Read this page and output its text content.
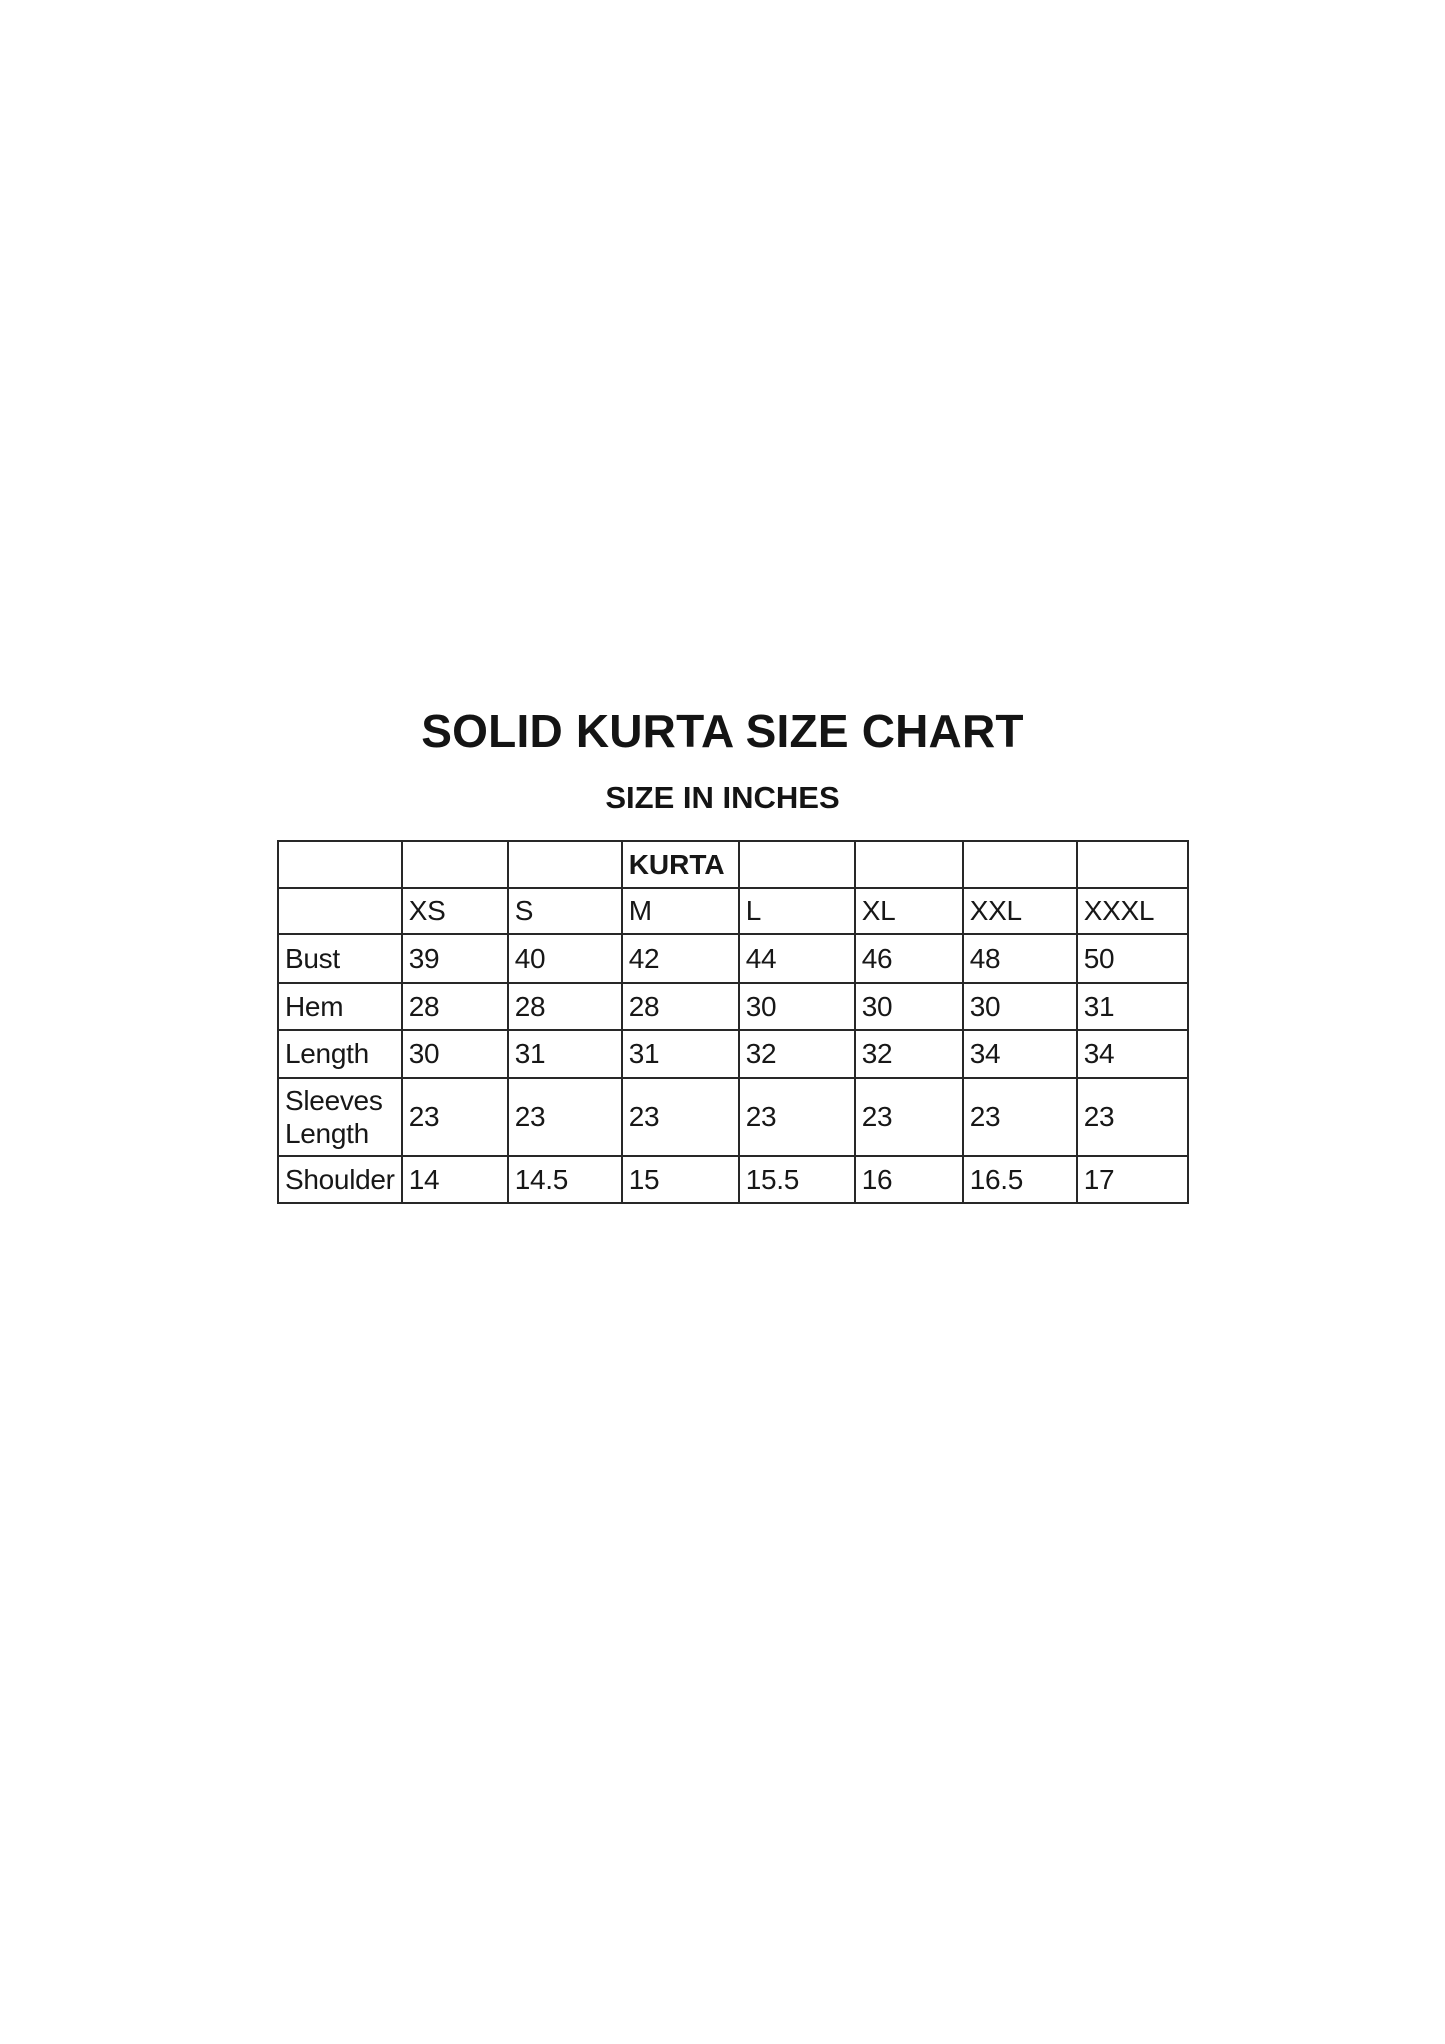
SOLID KURTA SIZE CHART
SIZE IN INCHES
			KURTA				
	XS	S	M	L	XL	XXL	XXXL
Bust	39	40	42	44	46	48	50
Hem	28	28	28	30	30	30	31
Length	30	31	31	32	32	34	34
Sleeves Length	23	23	23	23	23	23	23
Shoulder	14	14.5	15	15.5	16	16.5	17
